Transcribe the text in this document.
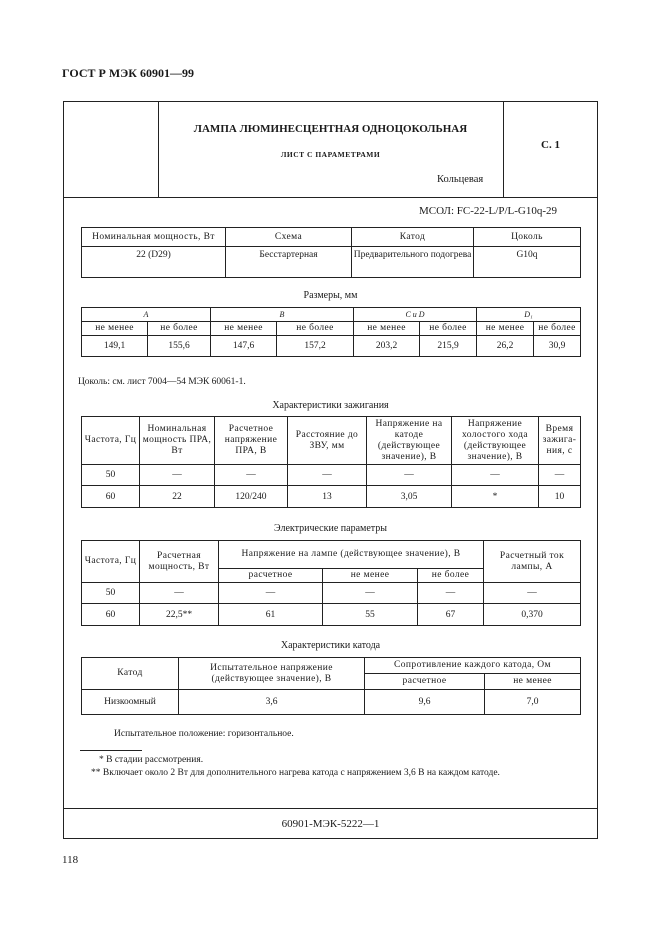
ГОСТ Р МЭК 60901—99
ЛАМПА ЛЮМИНЕСЦЕНТНАЯ ОДНОЦОКОЛЬНАЯ
ЛИСТ С ПАРАМЕТРАМИ
Кольцевая
С. 1
МСОЛ: FC-22-L/P/L-G10q-29
Номинальная мощность, Вт	Схема	Катод	Цоколь
22 (D29)	Бесстартерная	Предварительного подогрева	G10q
Размеры, мм
A		B		C и D		D₁	
не менее	не более	не менее	не более	не менее	не более	не менее	не более
149,1	155,6	147,6	157,2	203,2	215,9	26,2	30,9
Цоколь: см. лист 7004—54 МЭК 60061-1.
Характеристики зажигания
Частота, Гц	Номинальная мощность ПРА, Вт	Расчетное напряжение ПРА, В	Расстояние до ЗВУ, мм	Напряжение на катоде (действующее значение), В	Напряжение холостого хода (действующее значение), В	Время зажига-ния, с
50	—	—	—	—	—	—
60	22	120/240	13	3,05	*	10
Электрические параметры
Частота, Гц	Расчетная мощность, Вт	Напряжение на лампе (действующее значение), В			Расчетный ток лампы, А
		расчетное	не менее	не более	
50	—	—	—	—	—
60	22,5**	61	55	67	0,370
Характеристики катода
Катод	Испытательное напряжение (действующее значение), В	Сопротивление каждого катода, Ом	
		расчетное	не менее
Низкоомный	3,6	9,6	7,0
Испытательное положение: горизонтальное.
* В стадии рассмотрения.
** Включает около 2 Вт для дополнительного нагрева катода с напряжением 3,6 В на каждом катоде.
60901-МЭК-5222—1
118
